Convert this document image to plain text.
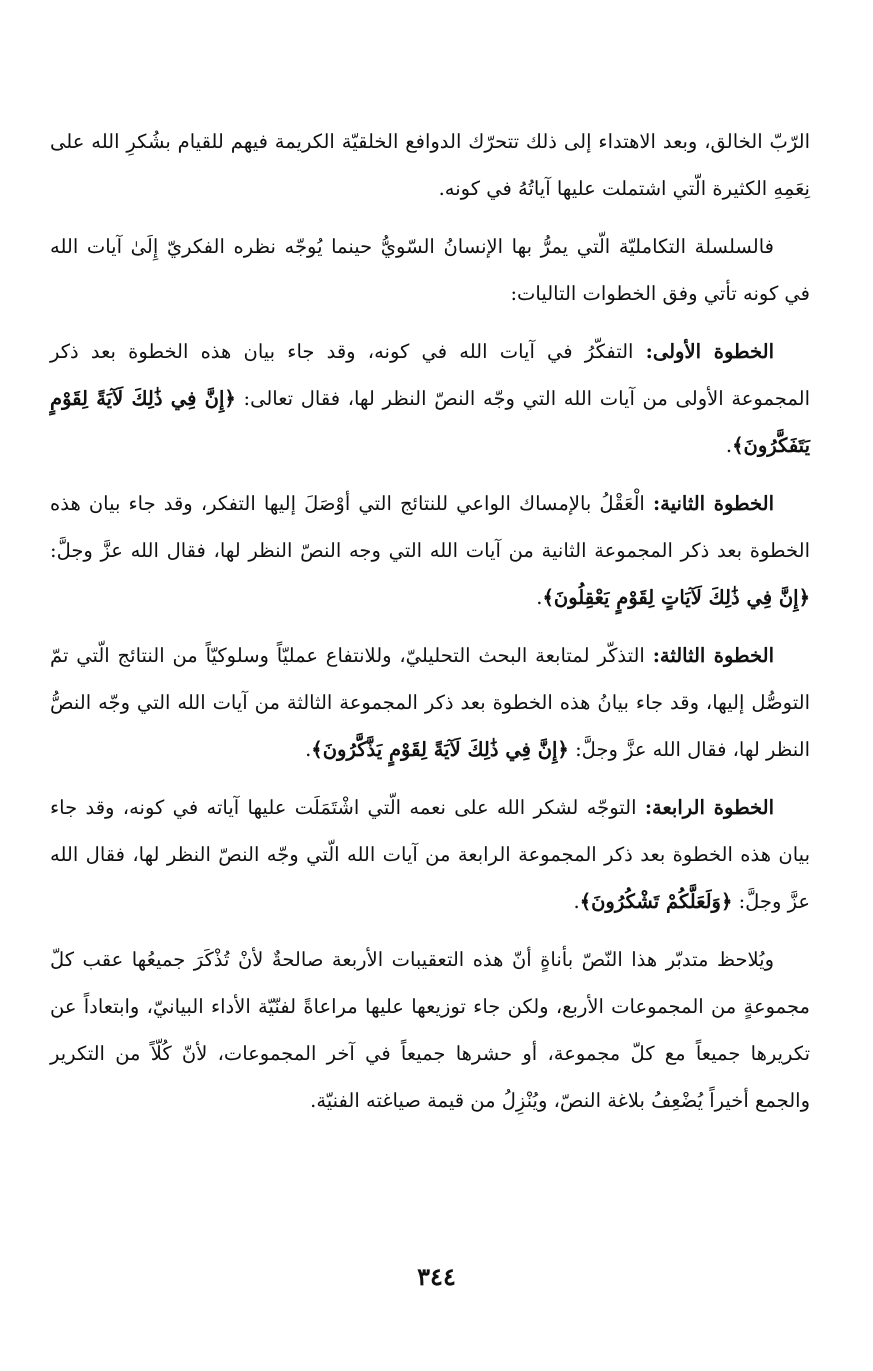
الرّبّ الخالق، وبعد الاهتداء إلى ذلك تتحرّك الدوافع الخلقيّة الكريمة فيهم للقيام بشُكرِ الله على نِعَمِهِ الكثيرة الّتي اشتملت عليها آياتُهُ في كونه.

فالسلسلة التكامليّة الّتي يمرُّ بها الإنسانُ السّويُّ حينما يُوجّه نظره الفكريّ إِلَىٰ آيات الله في كونه تأتي وفق الخطوات التاليات:

الخطوة الأولى: التفكّرُ في آيات الله في كونه، وقد جاء بيان هذه الخطوة بعد ذكر المجموعة الأولى من آيات الله التي وجّه النصّ النظر لها، فقال تعالى: ﴿إِنَّ فِي ذَٰلِكَ لَآيَةً لِقَوْمٍ يَتَفَكَّرُونَ﴾.

الخطوة الثانية: الْعَقْلُ بالإمساك الواعي للنتائج التي أوْصَلَ إليها التفكر، وقد جاء بيان هذه الخطوة بعد ذكر المجموعة الثانية من آيات الله التي وجه النصّ النظر لها، فقال الله عزَّ وجلَّ: ﴿إِنَّ فِي ذَٰلِكَ لَآيَاتٍ لِقَوْمٍ يَعْقِلُونَ﴾.

الخطوة الثالثة: التذكّر لمتابعة البحث التحليليّ، وللانتفاع عمليّاً وسلوكيّاً من النتائج الّتي تمّ التوصُّل إليها، وقد جاء بيانُ هذه الخطوة بعد ذكر المجموعة الثالثة من آيات الله التي وجّه النصُّ النظر لها، فقال الله عزَّ وجلَّ: ﴿إِنَّ فِي ذَٰلِكَ لَآيَةً لِقَوْمٍ يَذَّكَّرُونَ﴾.

الخطوة الرابعة: التوجّه لشكر الله على نعمه الّتي اشْتَمَلَت عليها آياته في كونه، وقد جاء بيان هذه الخطوة بعد ذكر المجموعة الرابعة من آيات الله الّتي وجّه النصّ النظر لها، فقال الله عزَّ وجلَّ: ﴿وَلَعَلَّكُمْ تَشْكُرُونَ﴾.

ويُلاحظ متدبّر هذا النّصّ بأناةٍ أنّ هذه التعقيبات الأربعة صالحةٌ لأنْ تُذْكَرَ جميعُها عقب كلّ مجموعةٍ من المجموعات الأربع، ولكن جاء توزيعها عليها مراعاةً لفنّيّة الأداء البيانيّ، وابتعاداً عن تكريرها جميعاً مع كلّ مجموعة، أو حشرها جميعاً في آخر المجموعات، لأنّ كُلّاً من التكرير والجمع أخيراً يُضْعِفُ بلاغة النصّ، ويُنْزِلُ من قيمة صياغته الفنيّة.

٣٤٤
